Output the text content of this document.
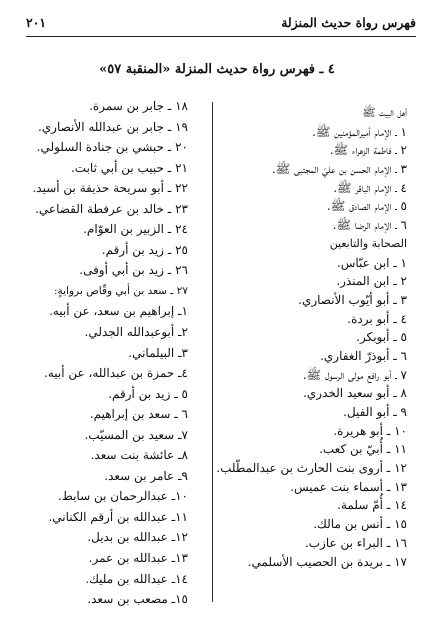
فهرس رواة حديث المنزلة
٢٠١
٤ ـ فهرس رواة حديث المنزلة «المنقبة ٥٧»
أهل البيت ﷺ
١ ـ الإمام أميرالمؤمنين ﷺ.
٢ ـ فاطمة الزهراء ﷺ.
٣ ـ الإمام الحسن بن عليّ المجتبى ﷺ.
٤ ـ الإمام الباقر ﷺ.
٥ ـ الإمام الصادق ﷺ.
٦ ـ الإمام الرضا ﷺ.
الصحابة والتابعين
١ ـ ابن عبّاس.
٢ ـ ابن المنذر.
٣ ـ أبو أيّوب الأنصاري.
٤ ـ أبو بردة.
٥ ـ أبوبكر.
٦ ـ أبوذرّ الغفاري.
٧ ـ أبو رافع مولى الرسول ﷺ.
٨ ـ أبو سعيد الخدري.
٩ ـ أبو الفيل.
١٠ ـ أبو هريرة.
١١ ـ أُبيّ بن كعب.
١٢ ـ أروى بنت الحارث بن عبدالمطّلب.
١٣ ـ أسماء بنت عميس.
١٤ ـ أُمّ سلمة.
١٥ ـ أنس بن مالك.
١٦ ـ البراء بن عازب.
١٧ ـ بريدة بن الحصيب الأسلمي.
١٨ ـ جابر بن سمرة.
١٩ ـ جابر بن عبدالله الأنصاري.
٢٠ ـ حبشي بن جنادة السلولي.
٢١ ـ حبيب بن أبي ثابت.
٢٢ ـ أبو سريحة حذيفة بن أسيد.
٢٣ ـ خالد بن عرفطة القضاعي.
٢٤ ـ الزبير بن العوّام.
٢٥ ـ زيد بن أرقم.
٢٦ ـ زيد بن أبي أوفى.
٢٧ ـ سعد بن أبي وقّاص بروايةٍ:
١ـ إبراهيم بن سعد، عن أبيه.
٢ـ أبوعبدالله الجدلي.
٣ـ البيلماني.
٤ـ حمزة بن عبدالله، عن أبيه.
٥ ـ زيد بن أرقم.
٦ ـ سعد بن إبراهيم.
٧ـ سعيد بن المسيّب.
٨ـ عائشة بنت سعد.
٩ـ عامر بن سعد.
١٠ـ عبدالرحمان بن سابط.
١١ـ عبدالله بن أرقم الكناني.
١٢ـ عبدالله بن بديل.
١٣ـ عبدالله بن عمر.
١٤ـ عبدالله بن مليك.
١٥ـ مصعب بن سعد.
